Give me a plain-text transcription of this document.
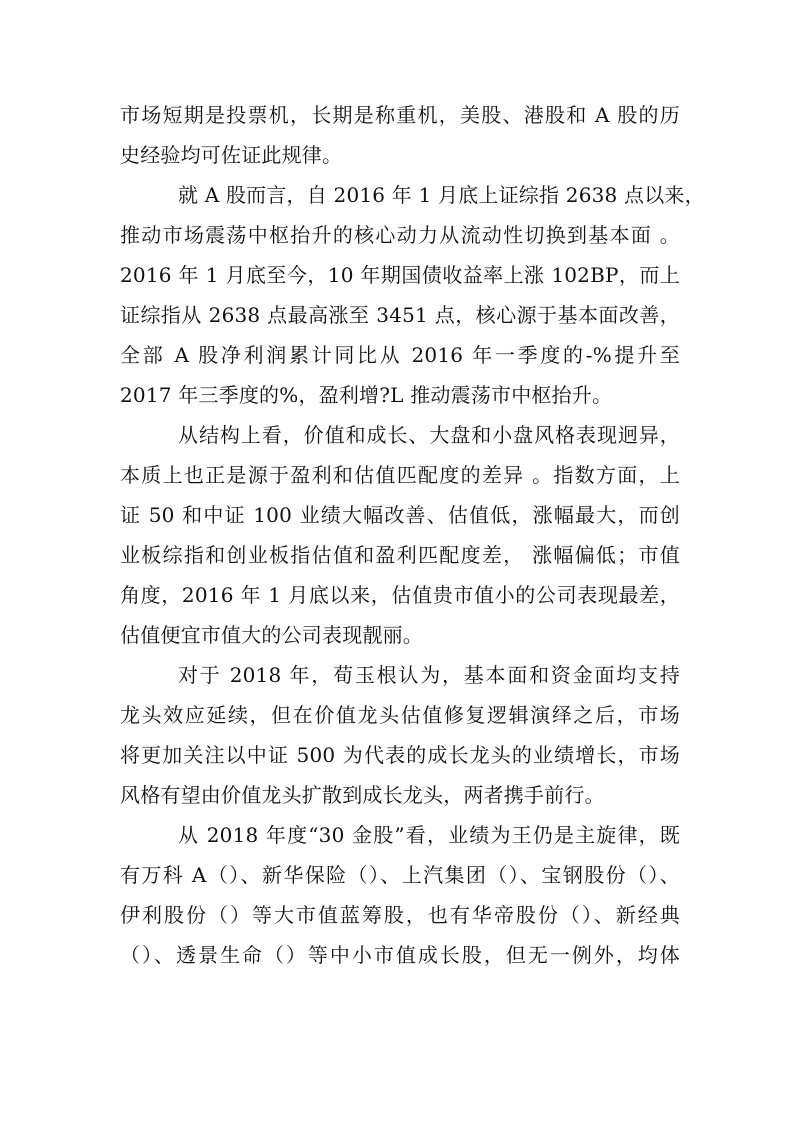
市场短期是投票机，长期是称重机，美股、港股和 A 股的历
史经验均可佐证此规律。
就 A 股而言，自 2016 年 1 月底上证综指 2638 点以来，
推动市场震荡中枢抬升的核心动力从流动性切换到基本面 。
2016 年 1 月底至今，10 年期国债收益率上涨 102BP，而上
证综指从 2638 点最高涨至 3451 点，核心源于基本面改善，
全部 A 股净利润累计同比从 2016 年一季度的-%提升至
2017 年三季度的%，盈利增?L 推动震荡市中枢抬升。
从结构上看，价值和成长、大盘和小盘风格表现迥异，
本质上也正是源于盈利和估值匹配度的差异 。指数方面，上
证 50 和中证 100 业绩大幅改善、估值低，涨幅最大，而创
业板综指和创业板指估值和盈利匹配度差， 涨幅偏低；市值
角度，2016 年 1 月底以来，估值贵市值小的公司表现最差，
估值便宜市值大的公司表现靓丽。
对于 2018 年，荀玉根认为，基本面和资金面均支持
龙头效应延续，但在价值龙头估值修复逻辑演绎之后，市场
将更加关注以中证 500 为代表的成长龙头的业绩增长，市场
风格有望由价值龙头扩散到成长龙头，两者携手前行。
从 2018 年度“30 金股”看，业绩为王仍是主旋律，既
有万科 A（）、新华保险（）、上汽集团（）、宝钢股份（）、
伊利股份（）等大市值蓝筹股，也有华帝股份（）、新经典
（）、透景生命（）等中小市值成长股，但无一例外，均体
